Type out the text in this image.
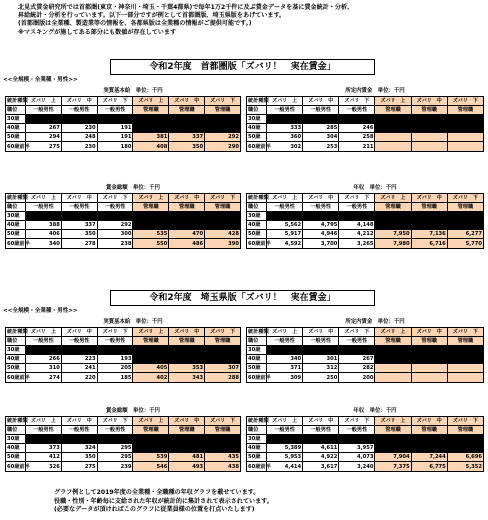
北見式賃金研究所では首都圏(東京・神奈川・埼玉・千葉4都県)で毎年1万2千件に及ぶ賃金データを基に賃金統計・分析、
昇給統計・分析を行っています。以下一部分ですが例として首都圏版、埼玉県版をあげています。
(首都圏版は全業種、製造業等の情報を、各都県版は全業種の情報がご提供可能です。)
※マスキングが施してある部分にも数値が存在しています
令和2年度　首都圏版「ズバリ！　実在賃金」
<<全規模・全業種・男性>>
令和2年度　埼玉県版「ズバリ！　実在賃金」
<<全規模・全業種・男性>>
	実質基本給　単位：千円					
統計種類	ズバリ　上	ズバリ　中	ズバリ　下	ズバリ　上	ズバリ　中	ズバリ　下
職位	一般男性	一般男性	一般男性	管理職	管理職	管理職
30歳						
40歳	267	230	191			
50歳	294	248	191	381	337	292
60歳前半	275	230	180	408	350	290
	所定内賃金　単位：千円					
統計種類	ズバリ　上	ズバリ　中	ズバリ　下	ズバリ　上	ズバリ　中	ズバリ　下
職位	一般男性	一般男性	一般男性	管理職	管理職	管理職
30歳						
40歳	333	285	246			
50歳	360	304	258			
60歳前半	302	253	211			
	賞金総額　単位：千円					
統計種類	ズバリ　上	ズバリ　中	ズバリ　下	ズバリ　上	ズバリ　中	ズバリ　下
職位	一般男性	一般男性	一般男性	管理職	管理職	管理職
30歳						
40歳	388	337	292			
50歳	406	350	300	535	470	428
60歳前半	340	278	238	550	486	390
	年収　単位：千円					
統計種類	ズバリ　上	ズバリ　中	ズバリ　下	ズバリ　上	ズバリ　中	ズバリ　下
職位	一般男性	一般男性	一般男性	管理職	管理職	管理職
30歳						
40歳	5,562	4,795	4,148			
50歳	5,917	4,946	4,212	7,950	7,136	6,277
60歳前半	4,592	3,700	3,265	7,980	6,716	5,770
	実質基本給　単位：千円					
統計種類	ズバリ　上	ズバリ　中	ズバリ　下	ズバリ　上	ズバリ　中	ズバリ　下
職位	一般男性	一般男性	一般男性	管理職	管理職	管理職
30歳						
40歳	266	223	193			
50歳	310	241	205	405	353	307
60歳前半	274	220	185	402	343	288
	所定内賃金　単位：千円					
統計種類	ズバリ　上	ズバリ　中	ズバリ　下	ズバリ　上	ズバリ　中	ズバリ　下
職位	一般男性	一般男性	一般男性	管理職	管理職	管理職
30歳						
40歳	340	301	267			
50歳	371	312	282			
60歳前半	309	250	200			
	賞金総額　単位：千円					
統計種類	ズバリ　上	ズバリ　中	ズバリ　下	ズバリ　上	ズバリ　中	ズバリ　下
職位	一般男性	一般男性	一般男性	管理職	管理職	管理職
30歳						
40歳	373	324	295			
50歳	412	350	295	539	481	435
60歳前半	326	275	239	546	493	438
	年収　単位：千円					
統計種類	ズバリ　上	ズバリ　中	ズバリ　下	ズバリ　上	ズバリ　中	ズバリ　下
職位	一般男性	一般男性	一般男性	管理職	管理職	管理職
30歳						
40歳	5,389	4,611	3,957			
50歳	5,953	4,922	4,073	7,904	7,244	6,696
60歳前半	4,414	3,617	3,240	7,375	6,775	5,352
グラフ例として2019年度の全業種・全職種の年収グラフを載せています。
役職・性別・年齢毎に支給された年収が統計的に集計されて表示されています。
(必要なデータが頂ければこのグラフに従業員様の位置を打点いたします)
